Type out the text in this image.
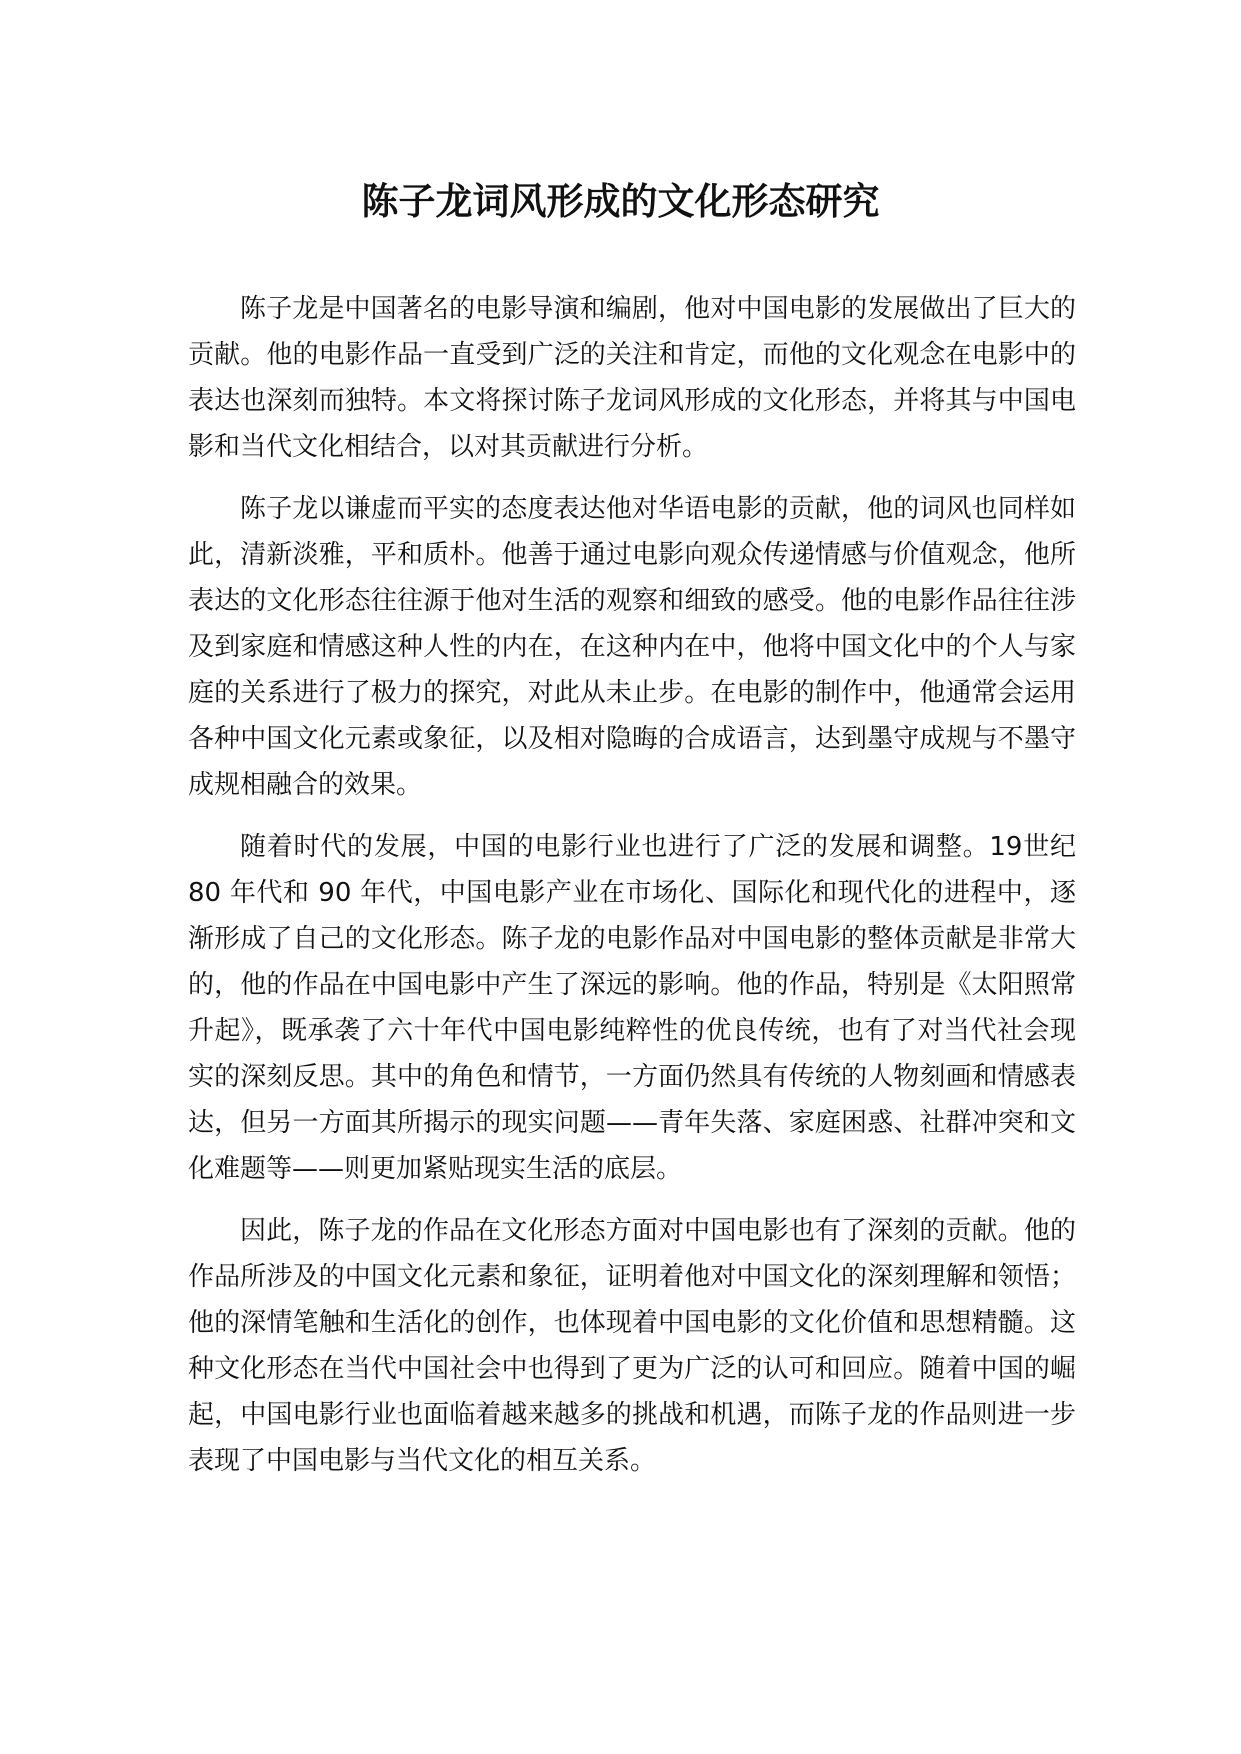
陈子龙词风形成的文化形态研究

陈子龙是中国著名的电影导演和编剧，他对中国电影的发展做出了巨大的贡献。他的电影作品一直受到广泛的关注和肯定，而他的文化观念在电影中的表达也深刻而独特。本文将探讨陈子龙词风形成的文化形态，并将其与中国电影和当代文化相结合，以对其贡献进行分析。

陈子龙以谦虚而平实的态度表达他对华语电影的贡献，他的词风也同样如此，清新淡雅，平和质朴。他善于通过电影向观众传递情感与价值观念，他所表达的文化形态往往源于他对生活的观察和细致的感受。他的电影作品往往涉及到家庭和情感这种人性的内在，在这种内在中，他将中国文化中的个人与家庭的关系进行了极力的探究，对此从未止步。在电影的制作中，他通常会运用各种中国文化元素或象征，以及相对隐晦的合成语言，达到墨守成规与不墨守成规相融合的效果。

随着时代的发展，中国的电影行业也进行了广泛的发展和调整。19世纪 80 年代和 90 年代，中国电影产业在市场化、国际化和现代化的进程中，逐渐形成了自己的文化形态。陈子龙的电影作品对中国电影的整体贡献是非常大的，他的作品在中国电影中产生了深远的影响。他的作品，特别是《太阳照常升起》，既承袭了六十年代中国电影纯粹性的优良传统，也有了对当代社会现实的深刻反思。其中的角色和情节，一方面仍然具有传统的人物刻画和情感表达，但另一方面其所揭示的现实问题——青年失落、家庭困惑、社群冲突和文化难题等——则更加紧贴现实生活的底层。

因此，陈子龙的作品在文化形态方面对中国电影也有了深刻的贡献。他的作品所涉及的中国文化元素和象征，证明着他对中国文化的深刻理解和领悟；他的深情笔触和生活化的创作，也体现着中国电影的文化价值和思想精髓。这种文化形态在当代中国社会中也得到了更为广泛的认可和回应。随着中国的崛起，中国电影行业也面临着越来越多的挑战和机遇，而陈子龙的作品则进一步表现了中国电影与当代文化的相互关系。
